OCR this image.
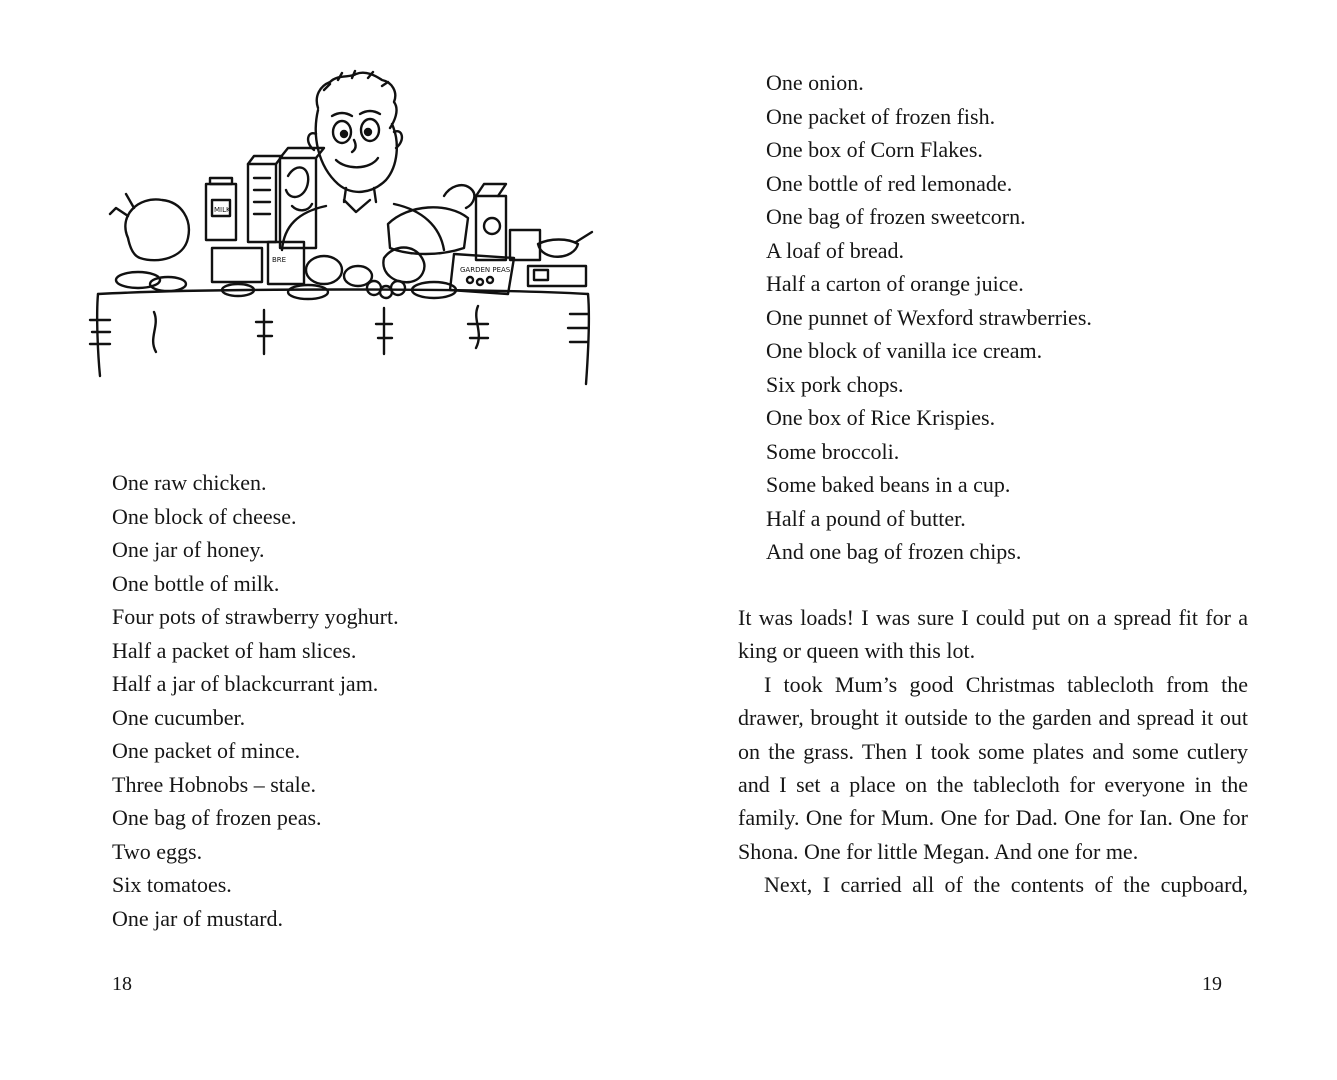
MILK
BRE
GARDEN PEAS
One raw chicken.
One block of cheese.
One jar of honey.
One bottle of milk.
Four pots of strawberry yoghurt.
Half a packet of ham slices.
Half a jar of blackcurrant jam.
One cucumber.
One packet of mince.
Three Hobnobs – stale.
One bag of frozen peas.
Two eggs.
Six tomatoes.
One jar of mustard.
18
One onion.
One packet of frozen fish.
One box of Corn Flakes.
One bottle of red lemonade.
One bag of frozen sweetcorn.
A loaf of bread.
Half a carton of orange juice.
One punnet of Wexford strawberries.
One block of vanilla ice cream.
Six pork chops.
One box of Rice Krispies.
Some broccoli.
Some baked beans in a cup.
Half a pound of butter.
And one bag of frozen chips.

It was loads! I was sure I could put on a spread fit for a king or queen with this lot.

I took Mum’s good Christmas tablecloth from the drawer, brought it outside to the garden and spread it out on the grass. Then I took some plates and some cutlery and I set a place on the tablecloth for everyone in the family. One for Mum. One for Dad. One for Ian. One for Shona. One for little Megan. And one for me.

Next, I carried all of the contents of the cupboard,

19
